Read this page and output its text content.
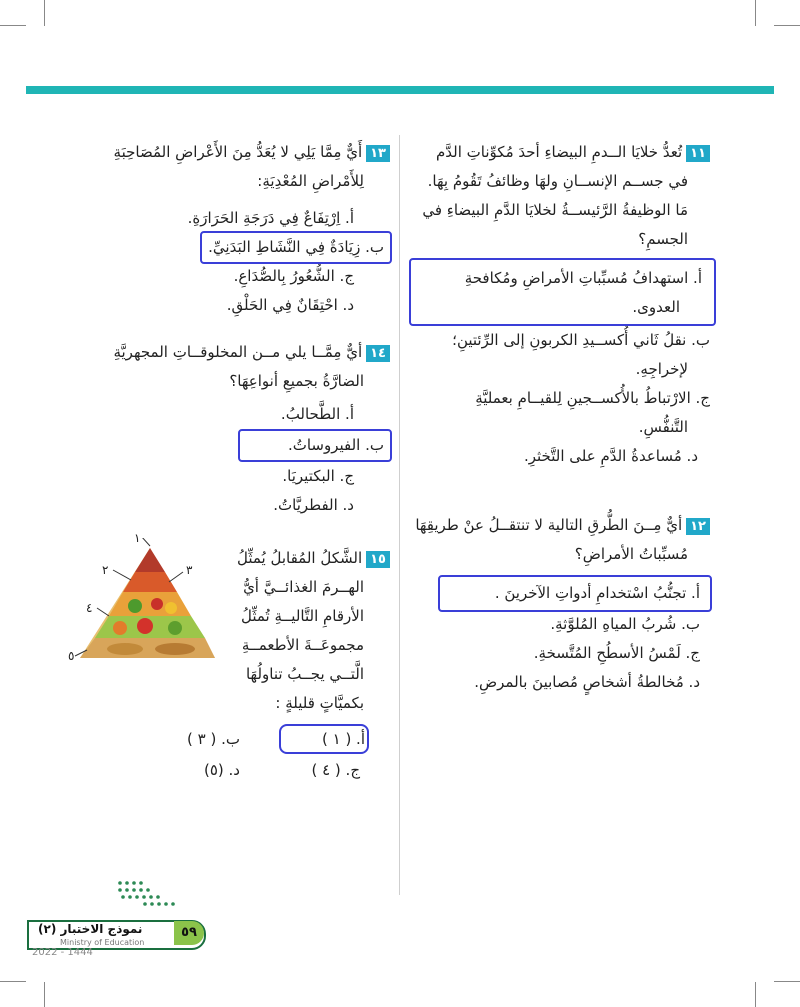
١١تُعدُّ خلايَا الــدمِ البيضاءِ أحدَ مُكوِّناتِ الدَّم

في جســم الإنســانِ ولهَا وظائفُ تَقُومُ بِهَا.

مَا الوظيفةُ الرَّئيســةُ لخلايَا الدَّمِ البيضاءِ في

الجسمِ؟

أ. استهدافُ مُسبِّباتِ الأمراضِ ومُكافحةِ
العدوى.
ب. نقلُ ثَاني أُكســيدِ الكربونِ إلى الرِّئتينِ؛
لإخراجِهِ.
ج. الارْتباطُ بالأُكســجينِ لِلقيــامِ بعمليَّةِ
التَّنفُّسِ.
د. مُساعدةُ الدَّمِ على التَّخثرِ.

١٢أيٌّ مِــنَ الطُّرقِ التالية لا تنتقــلُ عنْ طريقِهَا

مُسبِّباتُ الأمراضِ؟

أ. تجنُّبُ اسْتخدامِ أدواتِ الآخرينَ .
ب. شُربُ المياهِ المُلوَّثةِ.
ج. لَمْسُ الأسطُحِ المُتَّسخةِ.
د. مُخالطةُ أشخاصٍ مُصابينَ بالمرضِ.

١٣أَيٌّ مِمَّا يَلِي لا يُعَدُّ مِنَ الأَعْراضِ المُصَاحِبَةِ

لِلأَمْراضِ المُعْدِيَةِ:

أ. اِرْتِفَاعٌ فِي دَرَجَةِ الحَرَارَةِ.
ب. زِيَادَةٌ فِي النَّشَاطِ البَدَنِيِّ.
ج. الشُّعُورُ بِالصُّدَاعِ.
د. احْتِقَانٌ فِي الحَلْقِ.

١٤أيٌّ مِمَّــا يلي مــن المخلوقــاتِ المجهريَّةِ

الضارَّةُ بجميعِ أنواعِهَا؟

أ. الطَّحالبُ.
ب. الفيروساتُ.
ج. البكتيريَا.
د. الفطريَّاتُ.

١٥الشَّكلُ المُقابلُ يُمثِّلُ

الهــرمَ الغذائــيَّ أيُّ

الأرقامِ التَّاليــةِ تُمثِّلُ

مجموعَــةَ الأطعمــةِ

الَّتــي يجــبُ تناولُهَا

بكميَّاتٍ قليلةٍ :

١
٢	٣
٤
٥
أ. ( ١ )
ب. ( ٣ )
ج. ( ٤ )
د. (٥)
٥٩
نموذج الاختبار (٢)
Ministry of Education
2022 - 1444
